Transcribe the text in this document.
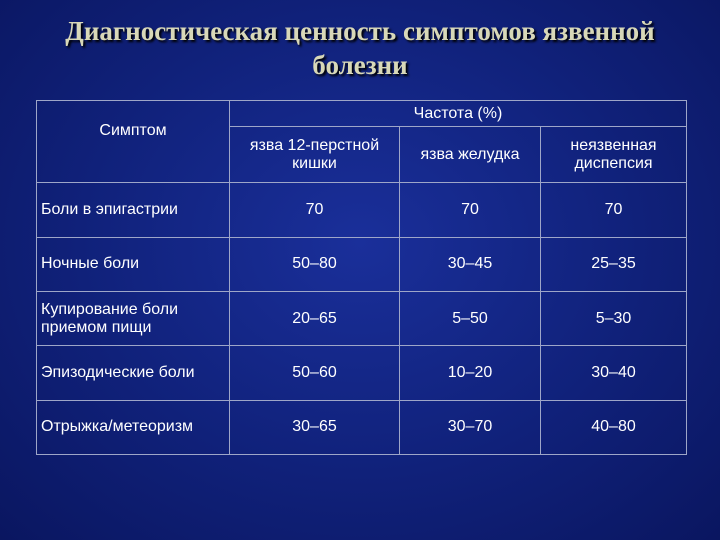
Диагностическая ценность симптомов язвенной
болезни
Симптом	Частота (%)		
	язва 12-перстной кишки	язва желудка	неязвенная диспепсия
Боли в эпигастрии	70	70	70
Ночные боли	50–80	30–45	25–35
Купирование боли приемом пищи	20–65	5–50	5–30
Эпизодические боли	50–60	10–20	30–40
Отрыжка/метеоризм	30–65	30–70	40–80
